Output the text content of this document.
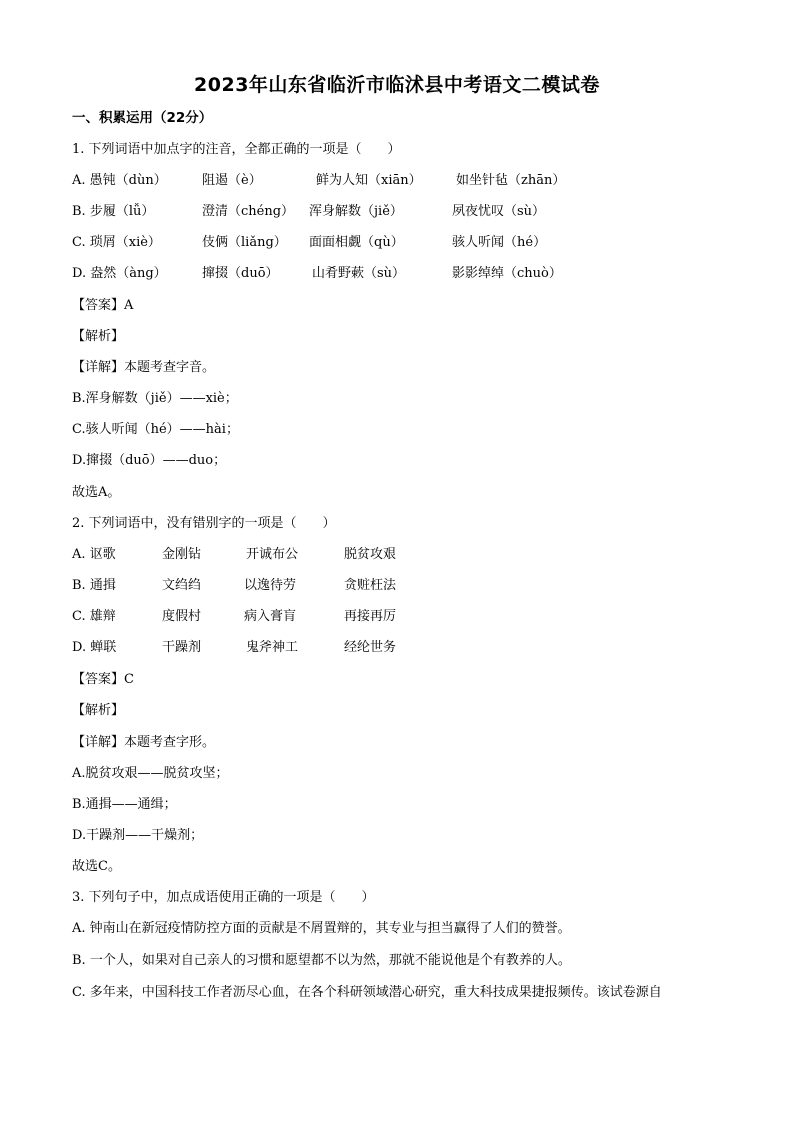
2023年山东省临沂市临沭县中考语文二模试卷
一、积累运用（22分）
1. 下列词语中加点字的注音，全都正确的一项是（　　）
A. 愚钝（dùn）	阻遏（è）	鲜为人知（xiān）	如坐针毡（zhān）
B. 步履（lǚ）	澄清（chéng） 浑身解数（jiě）	夙夜忧叹（sù）
C. 琐屑（xiè）	伎俩（liǎng） 面面相觑（qù）	骇人听闻（hé）
D. 盎然（àng）	撺掇（duō）	山肴野蔌（sù）	影影绰绰（chuò）
【答案】A
【解析】
【详解】本题考查字音。
B.浑身解数（jiě）——xiè；
C.骇人听闻（hé）——hài；
D.撺掇（duō）——duo；
故选A。
2. 下列词语中，没有错别字的一项是（　　）
A. 讴歌	金刚钻	开诚布公	脱贫攻艰
B. 通揖	文绉绉	以逸待劳	贪赃枉法
C. 雄辩	度假村	病入膏肓	再接再厉
D. 蝉联	干躁剂	鬼斧神工	经纶世务
【答案】C
【解析】
【详解】本题考查字形。
A.脱贫攻艰——脱贫攻坚；
B.通揖——通缉；
D.干躁剂——干燥剂；
故选C。
3. 下列句子中，加点成语使用正确的一项是（　　）
A. 钟南山在新冠疫情防控方面的贡献是不屑置辩的，其专业与担当赢得了人们的赞誉。
B. 一个人，如果对自己亲人的习惯和愿望都不以为然，那就不能说他是个有教养的人。
C. 多年来，中国科技工作者沥尽心血，在各个科研领域潜心研究，重大科技成果捷报频传。该试卷源自
